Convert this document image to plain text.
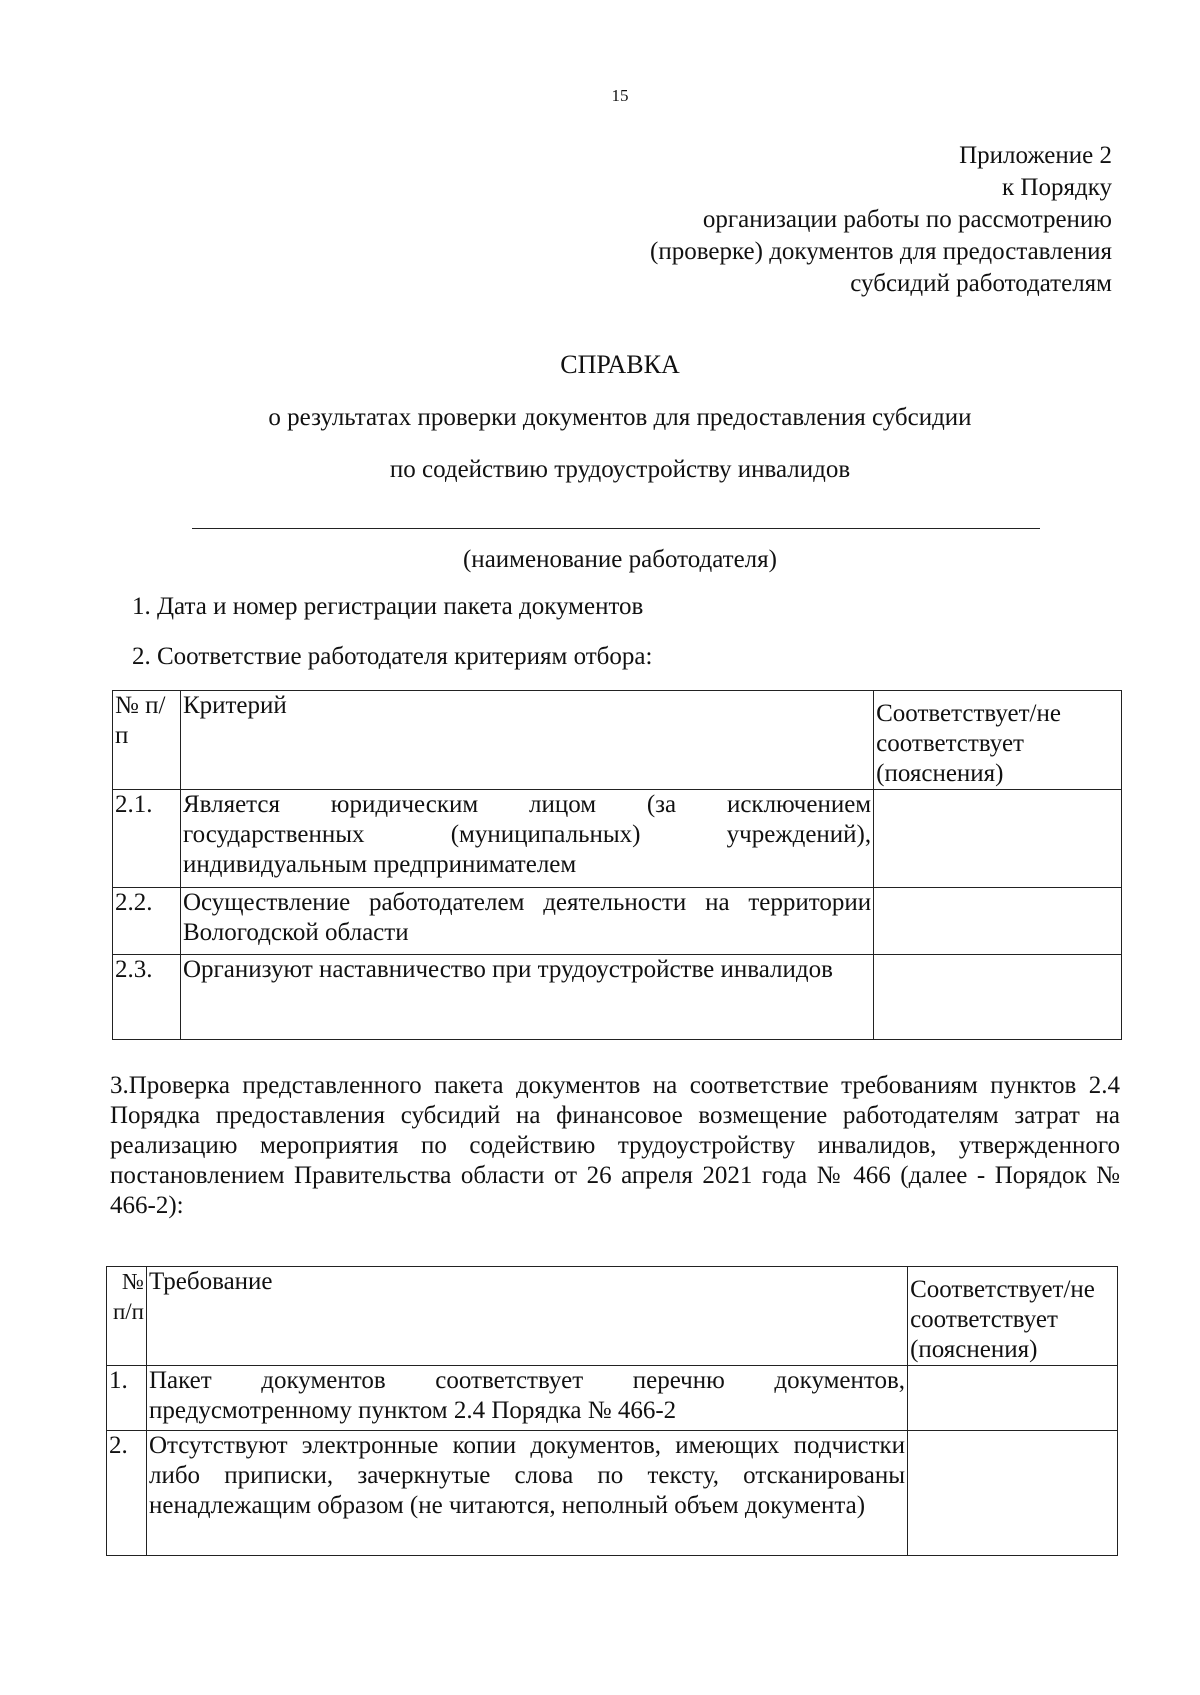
15
Приложение 2
к Порядку
организации работы по рассмотрению
(проверке) документов для предоставления
субсидий работодателям
СПРАВКА
о результатах проверки документов для предоставления субсидии
по содействию трудоустройству инвалидов
(наименование работодателя)
1. Дата и номер регистрации пакета документов
2. Соответствие работодателя критериям отбора:
№ п/п	Критерий	Соответствует/не соответствует (пояснения)
2.1.	Является юридическим лицом (за исключением государственных (муниципальных) учреждений), индивидуальным предпринимателем	
2.2.	Осуществление работодателем деятельности на территории Вологодской области	
2.3.	Организуют наставничество при трудоустройстве инвалидов	
3.Проверка представленного пакета документов на соответствие требованиям пунктов 2.4 Порядка предоставления субсидий на финансовое возмещение работодателям затрат на реализацию мероприятия по содействию трудоустройству инвалидов, утвержденного постановлением Правительства области от 26 апреля 2021 года № 466 (далее - Порядок № 466-2):
№ п/п	Требование	Соответствует/не соответствует (пояснения)
1.	Пакет документов соответствует перечню документов, предусмотренному пунктом 2.4 Порядка № 466-2	
2.	Отсутствуют электронные копии документов, имеющих подчистки либо приписки, зачеркнутые слова по тексту, отсканированы ненадлежащим образом (не читаются, неполный объем документа)	
